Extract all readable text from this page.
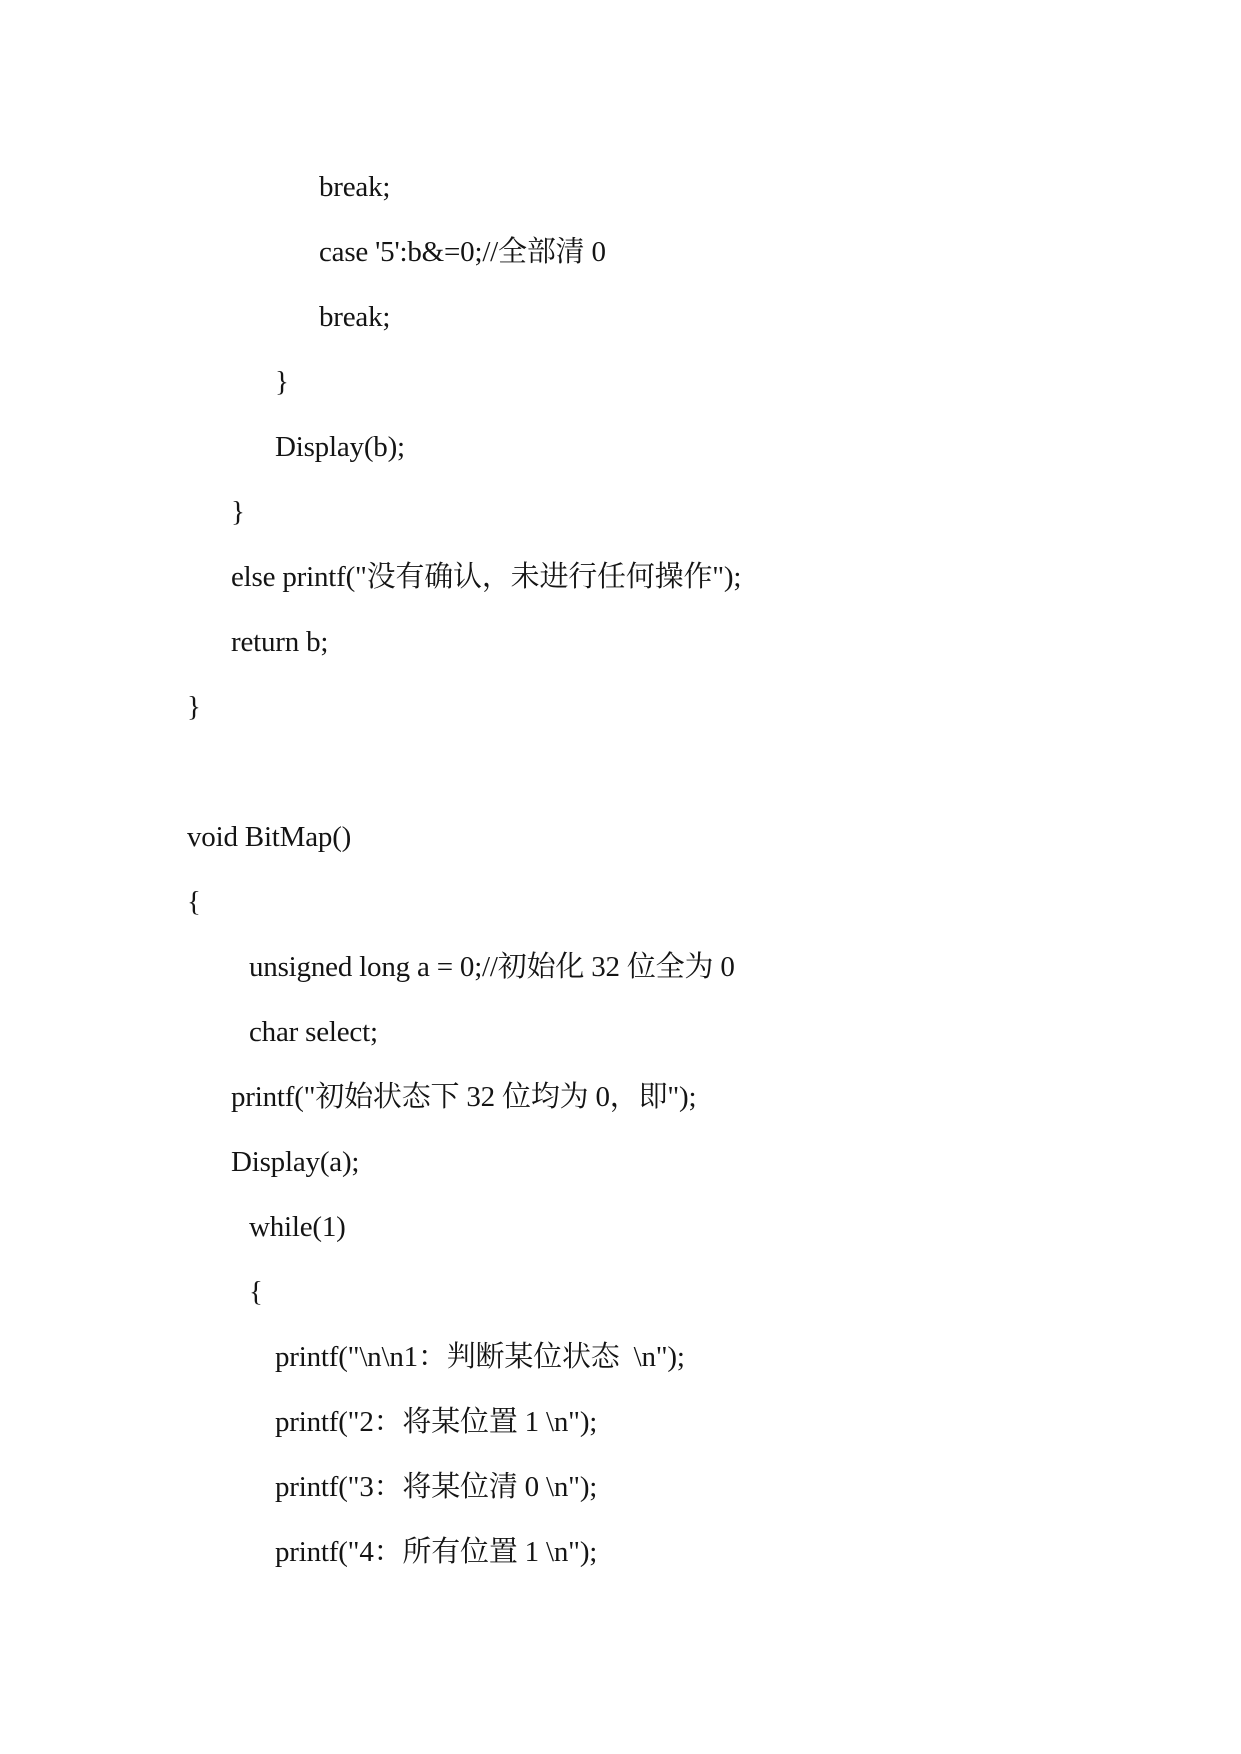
break;

case '5':b&=0;//全部清 0

break;

}

Display(b);

}

else printf("没有确认，未进行任何操作");

return b;

}

void BitMap()

{

unsigned long a = 0;//初始化 32 位全为 0

char select;

printf("初始状态下 32 位均为 0，即");

Display(a);

while(1)

{

printf("\n\n1：判断某位状态  \n");

printf("2：将某位置 1 \n");

printf("3：将某位清 0 \n");

printf("4：所有位置 1 \n");
